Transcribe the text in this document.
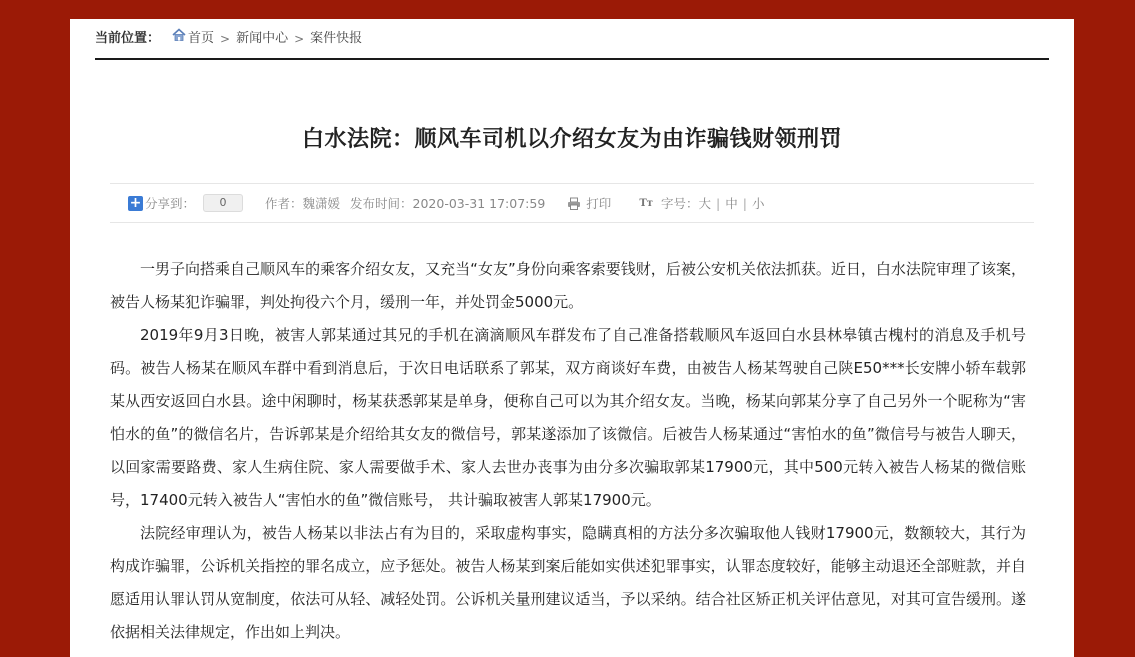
当前位置： 首页 > 新闻中心 > 案件快报
白水法院：顺风车司机以介绍女友为由诈骗钱财领刑罚
+ 分享到：	0	作者：魏潇媛 发布时间：2020-03-31 17:07:59	打印	Tт 字号： 大 | 中 | 小

一男子向搭乘自己顺风车的乘客介绍女友，又充当“女友”身份向乘客索要钱财，后被公安机关依法抓获。近日，白水法院审理了该案，被告人杨某犯诈骗罪，判处拘役六个月，缓刑一年，并处罚金5000元。

2019年9月3日晚，被害人郭某通过其兄的手机在滴滴顺风车群发布了自己准备搭载顺风车返回白水县林皋镇古槐村的消息及手机号码。被告人杨某在顺风车群中看到消息后，于次日电话联系了郭某，双方商谈好车费，由被告人杨某驾驶自己陕E50***长安牌小轿车载郭某从西安返回白水县。途中闲聊时，杨某获悉郭某是单身，便称自己可以为其介绍女友。当晚，杨某向郭某分享了自己另外一个昵称为“害怕水的鱼”的微信名片，告诉郭某是介绍给其女友的微信号，郭某遂添加了该微信。后被告人杨某通过“害怕水的鱼”微信号与被告人聊天，以回家需要路费、家人生病住院、家人需要做手术、家人去世办丧事为由分多次骗取郭某17900元，其中500元转入被告人杨某的微信账号，17400元转入被告人“害怕水的鱼”微信账号， 共计骗取被害人郭某17900元。

法院经审理认为，被告人杨某以非法占有为目的，采取虚构事实，隐瞒真相的方法分多次骗取他人钱财17900元，数额较大，其行为构成诈骗罪，公诉机关指控的罪名成立，应予惩处。被告人杨某到案后能如实供述犯罪事实，认罪态度较好，能够主动退还全部赃款，并自愿适用认罪认罚从宽制度，依法可从轻、减轻处罚。公诉机关量刑建议适当，予以采纳。结合社区矫正机关评估意见，对其可宣告缓刑。遂依据相关法律规定，作出如上判决。
